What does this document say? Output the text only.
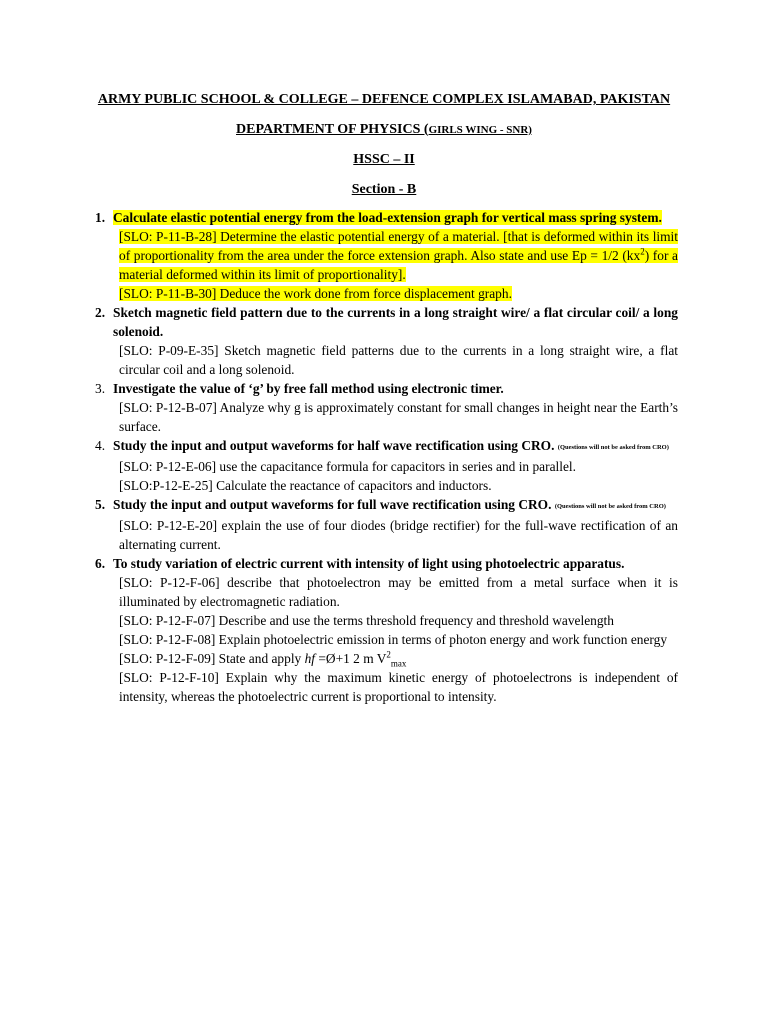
ARMY PUBLIC SCHOOL & COLLEGE – DEFENCE COMPLEX ISLAMABAD, PAKISTAN
DEPARTMENT OF PHYSICS (GIRLS WING - SNR)
HSSC – II
Section - B
1. Calculate elastic potential energy from the load-extension graph for vertical mass spring system.
[SLO: P-11-B-28] Determine the elastic potential energy of a material. [that is deformed within its limit of proportionality from the area under the force extension graph. Also state and use Ep = 1/2 $(kx^2)$ for a material deformed within its limit of proportionality].
[SLO: P-11-B-30] Deduce the work done from force displacement graph.
2. Sketch magnetic field pattern due to the currents in a long straight wire/ a flat circular coil/ a long solenoid.
[SLO: P-09-E-35] Sketch magnetic field patterns due to the currents in a long straight wire, a flat circular coil and a long solenoid.
3. Investigate the value of ‘g’ by free fall method using electronic timer.
[SLO: P-12-B-07] Analyze why g is approximately constant for small changes in height near the Earth’s surface.
4. Study the input and output waveforms for half wave rectification using CRO. (Questions will not be asked from CRO)
[SLO: P-12-E-06] use the capacitance formula for capacitors in series and in parallel.
[SLO:P-12-E-25] Calculate the reactance of capacitors and inductors.
5. Study the input and output waveforms for full wave rectification using CRO. (Questions will not be asked from CRO)
[SLO: P-12-E-20] explain the use of four diodes (bridge rectifier) for the full-wave rectification of an alternating current.
6. To study variation of electric current with intensity of light using photoelectric apparatus.
[SLO: P-12-F-06] describe that photoelectron may be emitted from a metal surface when it is illuminated by electromagnetic radiation.
[SLO: P-12-F-07] Describe and use the terms threshold frequency and threshold wavelength
[SLO: P-12-F-08] Explain photoelectric emission in terms of photon energy and work function energy
[SLO: P-12-F-09] State and apply hf =Ø+1 2 m $V^2_{max}$
[SLO: P-12-F-10] Explain why the maximum kinetic energy of photoelectrons is independent of intensity, whereas the photoelectric current is proportional to intensity.
